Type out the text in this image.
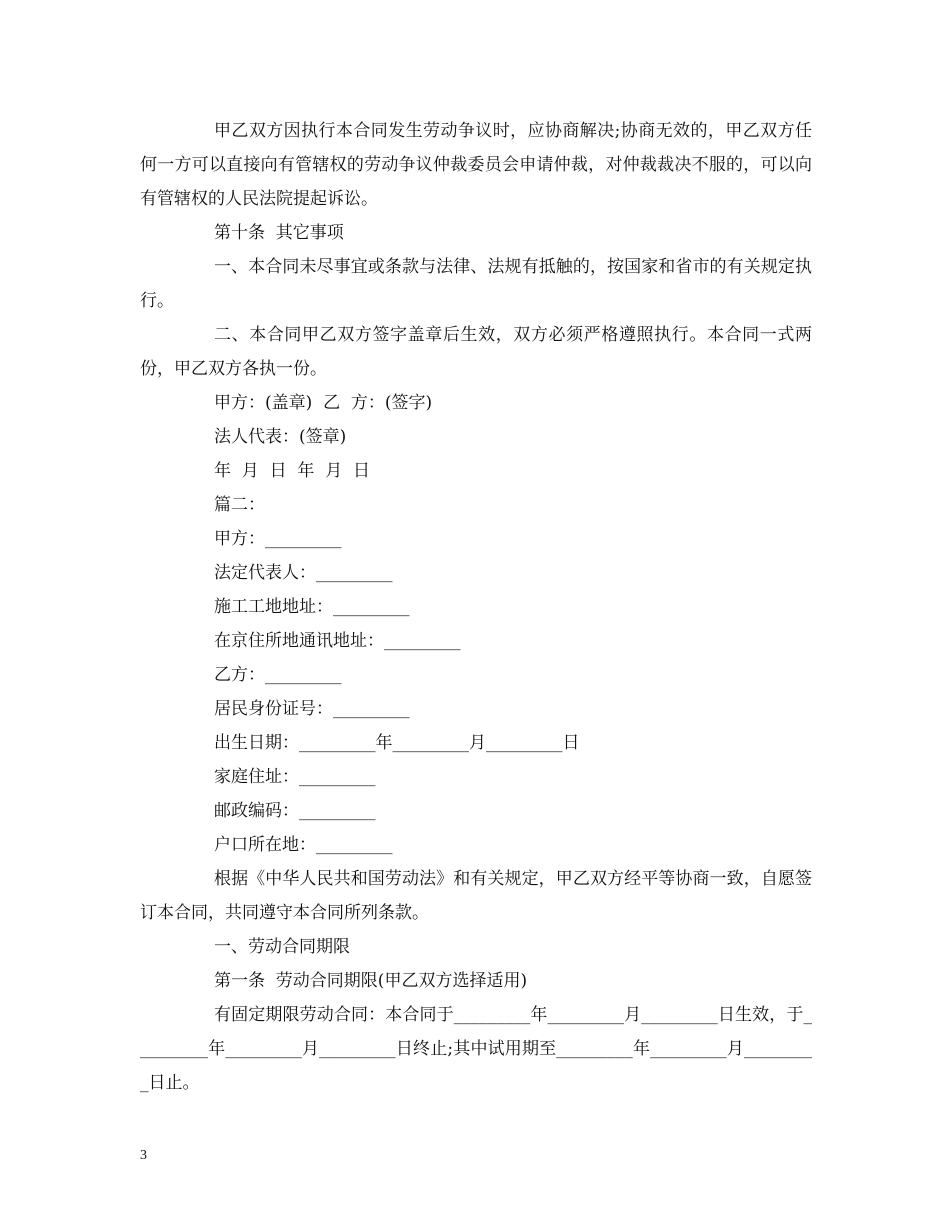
甲乙双方因执行本合同发生劳动争议时，应协商解决;协商无效的，甲乙双方任何一方可以直接向有管辖权的劳动争议仲裁委员会申请仲裁，对仲裁裁决不服的，可以向有管辖权的人民法院提起诉讼。

第十条  其它事项

一、本合同未尽事宜或条款与法律、法规有抵触的，按国家和省市的有关规定执行。

二、本合同甲乙双方签字盖章后生效，双方必须严格遵照执行。本合同一式两份，甲乙双方各执一份。

甲方：(盖章)  乙  方：(签字)

法人代表：(签章)

年  月  日  年  月  日

篇二：

甲方：_________

法定代表人：_________

施工工地地址：_________

在京住所地通讯地址：_________

乙方：_________

居民身份证号：_________

出生日期：_________年_________月_________日

家庭住址：_________

邮政编码：_________

户口所在地：_________

根据《中华人民共和国劳动法》和有关规定，甲乙双方经平等协商一致，自愿签订本合同，共同遵守本合同所列条款。

一、劳动合同期限

第一条  劳动合同期限(甲乙双方选择适用)

有固定期限劳动合同：本合同于_________年_________月_________日生效，于_________年_________月_________日终止;其中试用期至_________年_________月_________日止。

3
